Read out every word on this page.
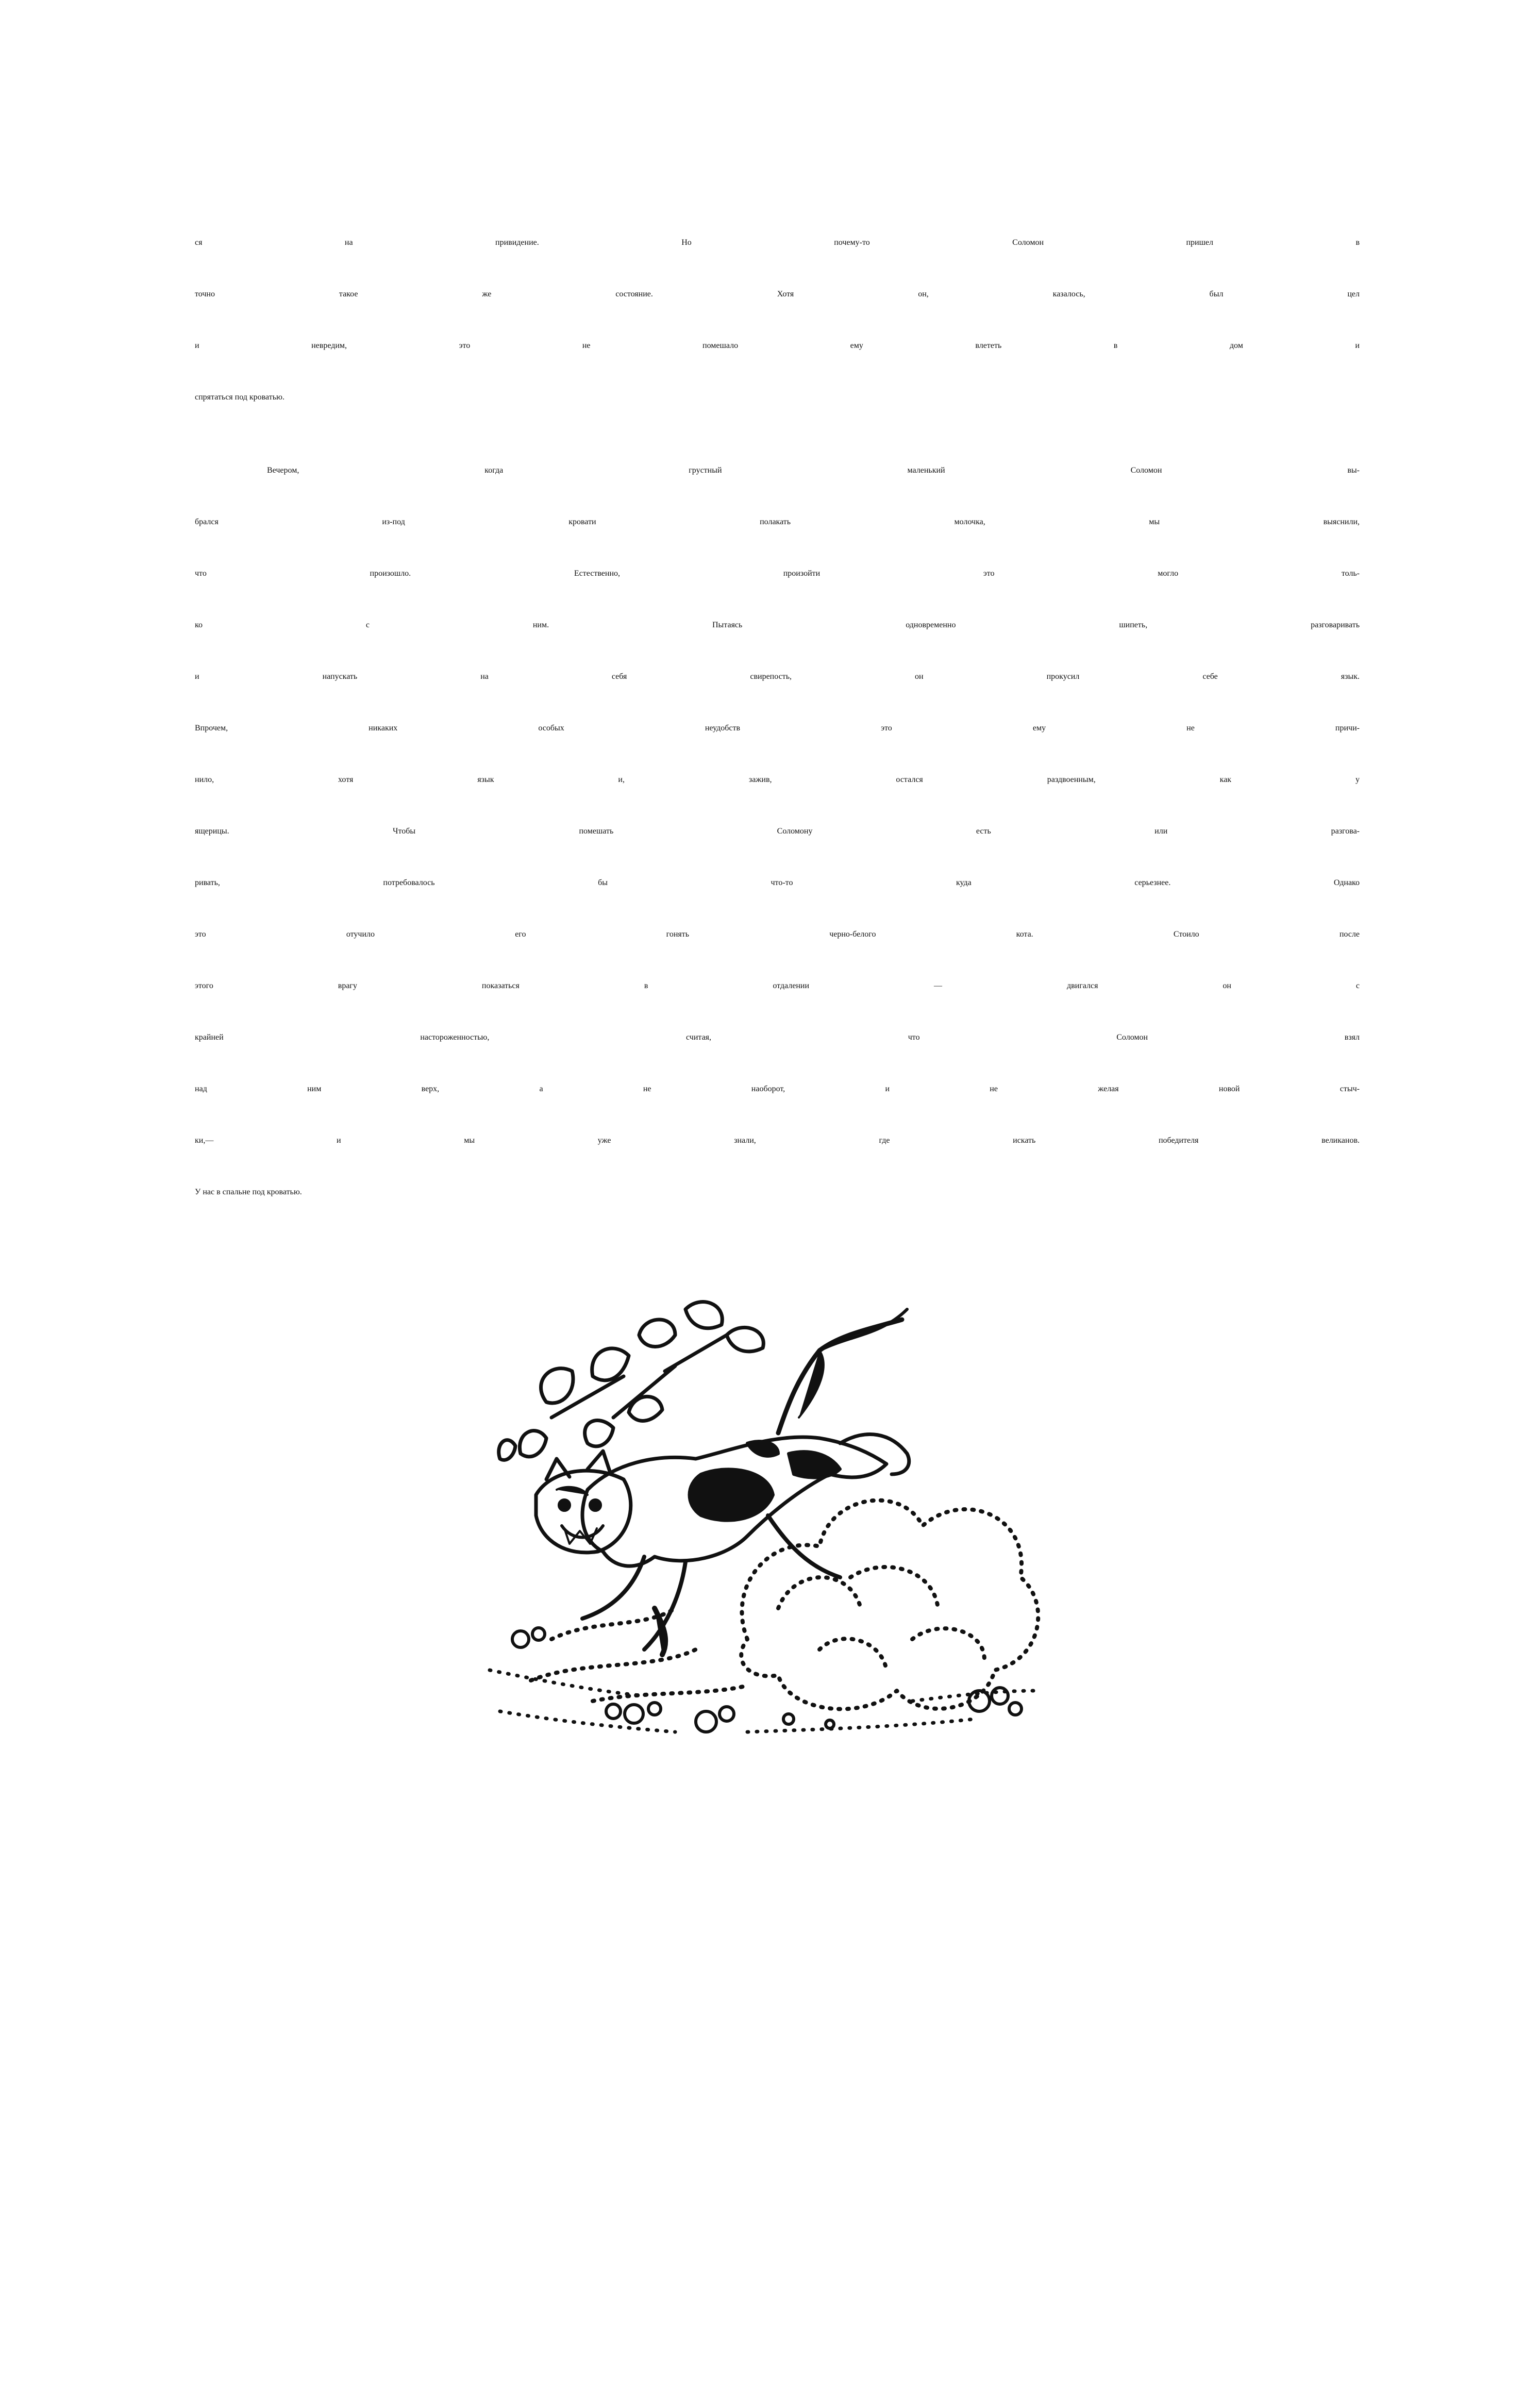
ся на привидение. Но почему-то Соломон пришел в
точно такое же состояние. Хотя он, казалось, был цел
и невредим, это не помешало ему влететь в дом и
спрятаться под кроватью.
Вечером, когда грустный маленький Соломон вы-
брался из-под кровати полакать молочка, мы выяснили,
что произошло. Естественно, произойти это могло толь-
ко с ним. Пытаясь одновременно шипеть, разговаривать
и напускать на себя свирепость, он прокусил себе язык.
Впрочем, никаких особых неудобств это ему не причи-
нило, хотя язык и, зажив, остался раздвоенным, как у
ящерицы. Чтобы помешать Соломону есть или разгова-
ривать, потребовалось бы что-то куда серьезнее. Однако
это отучило его гонять черно-белого кота. Стоило после
этого врагу показаться в отдалении — двигался он с
крайней настороженностью, считая, что Соломон взял
над ним верх, а не наоборот, и не желая новой стыч-
ки,— и мы уже знали, где искать победителя великанов.
У нас в спальне под кроватью.
